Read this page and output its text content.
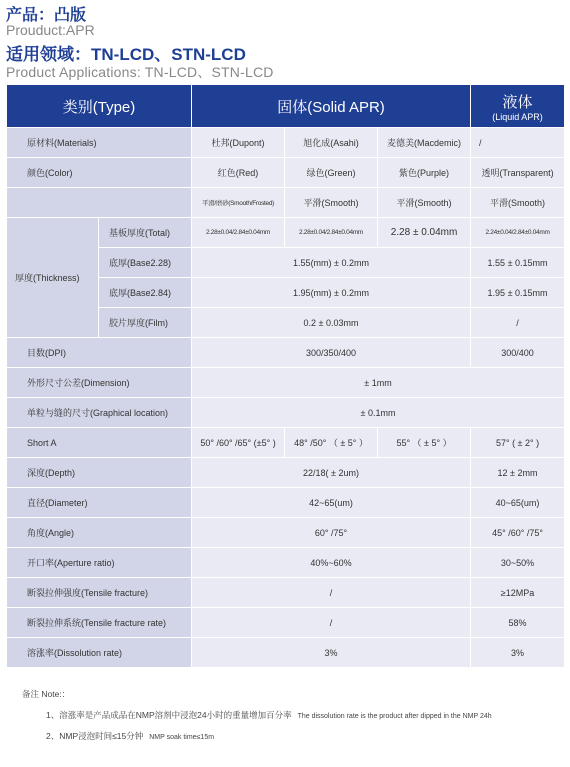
产品：凸版
Prouduct:APR
适用领域：TN-LCD、STN-LCD
Product Applications: TN-LCD、STN-LCD
类别(Type)		固体(Solid APR)			液体
(Liquid APR)

原材料(Materials)		杜邦(Dupont)	旭化成(Asahi)	麦德美(Macdemic)	/
颜色(Color)		红色(Red)	绿色(Green)	紫色(Purple)	透明(Transparent)
		平滑/磨砂(Smooth/Frosted)	平滑(Smooth)	平滑(Smooth)	平滑(Smooth)
厚度(Thickness)	基板厚度(Total)	2.28±0.04/2.84±0.04mm	2.28±0.04/2.84±0.04mm	2.28 ± 0.04mm	2.24±0.04/2.84±0.04mm
	底厚(Base2.28)	1.55(mm) ± 0.2mm			1.55 ± 0.15mm
	底厚(Base2.84)	1.95(mm) ± 0.2mm			1.95 ± 0.15mm
	胶片厚度(Film)	0.2 ± 0.03mm			/
目数(DPI)		300/350/400			300/400
外形尺寸公差(Dimension)		± 1mm			
单粒与缝的尺寸(Graphical location)		± 0.1mm			
Short A		50° /60° /65° (±5° )	48° /50° （ ± 5° ）	55° （ ± 5° ）	57° ( ± 2° )
深度(Depth)		22/18( ± 2um)			12 ± 2mm
直径(Diameter)		42~65(um)			40~65(um)
角度(Angle)		60° /75°			45° /60° /75°
开口率(Aperture ratio)		40%~60%			30~50%
断裂拉伸强度(Tensile fracture)		/			≥12MPa
断裂拉伸系统(Tensile fracture rate)		/			58%
溶涨率(Dissolution rate)		3%			3%
备注 Note:：
1、溶涨率是产品成品在NMP溶剂中浸泡24小时的重量增加百分率 The dissolution rate is the product after dipped in the NMP 24h
2、NMP浸泡时间≤15分钟 NMP soak time≤15m
